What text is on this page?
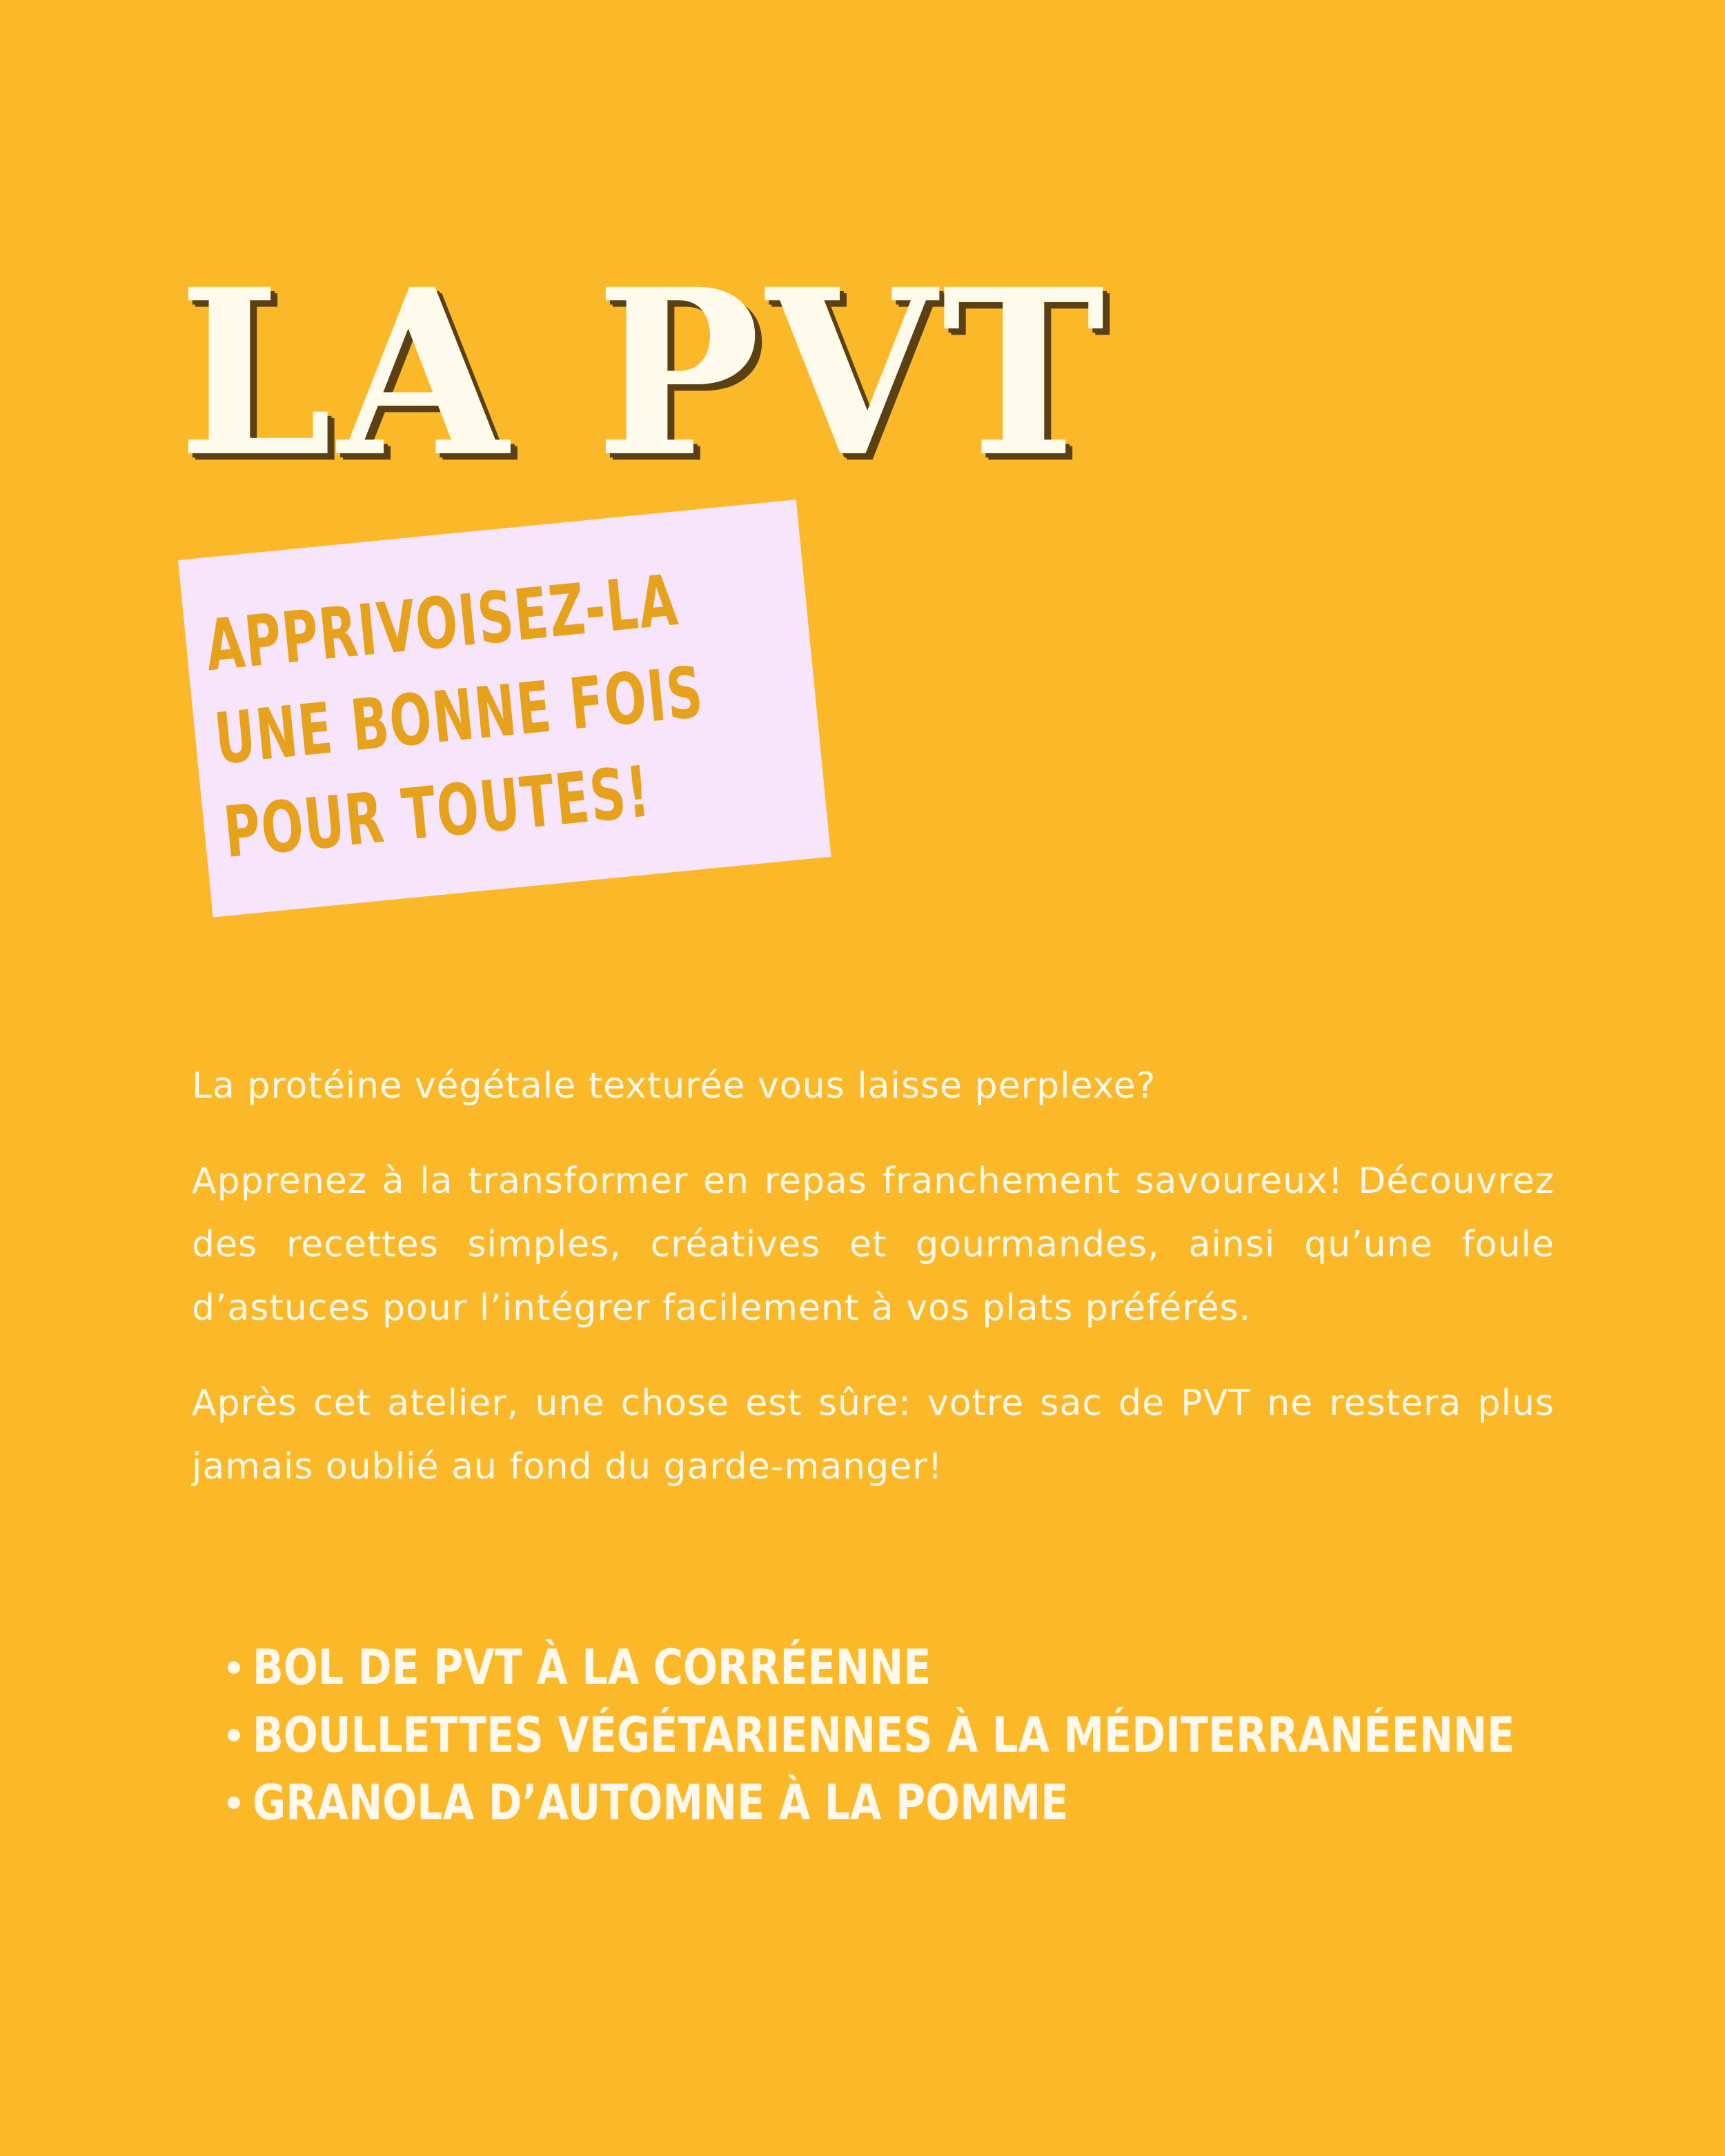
LA PVT

APPRIVOISEZ-LA
UNE BONNE FOIS
POUR TOUTES!

La protéine végétale texturée vous laisse perplexe?

Apprenez à la transformer en repas franchement savoureux! Découvrez des recettes simples, créatives et gourmandes, ainsi qu’une foule d’astuces pour l’intégrer facilement à vos plats préférés.

Après cet atelier, une chose est sûre: votre sac de PVT ne restera plus jamais oublié au fond du garde-manger!

BOL DE PVT À LA CORRÉENNE
BOULLETTES VÉGÉTARIENNES À LA MÉDITERRANÉENNE
GRANOLA D’AUTOMNE À LA POMME
